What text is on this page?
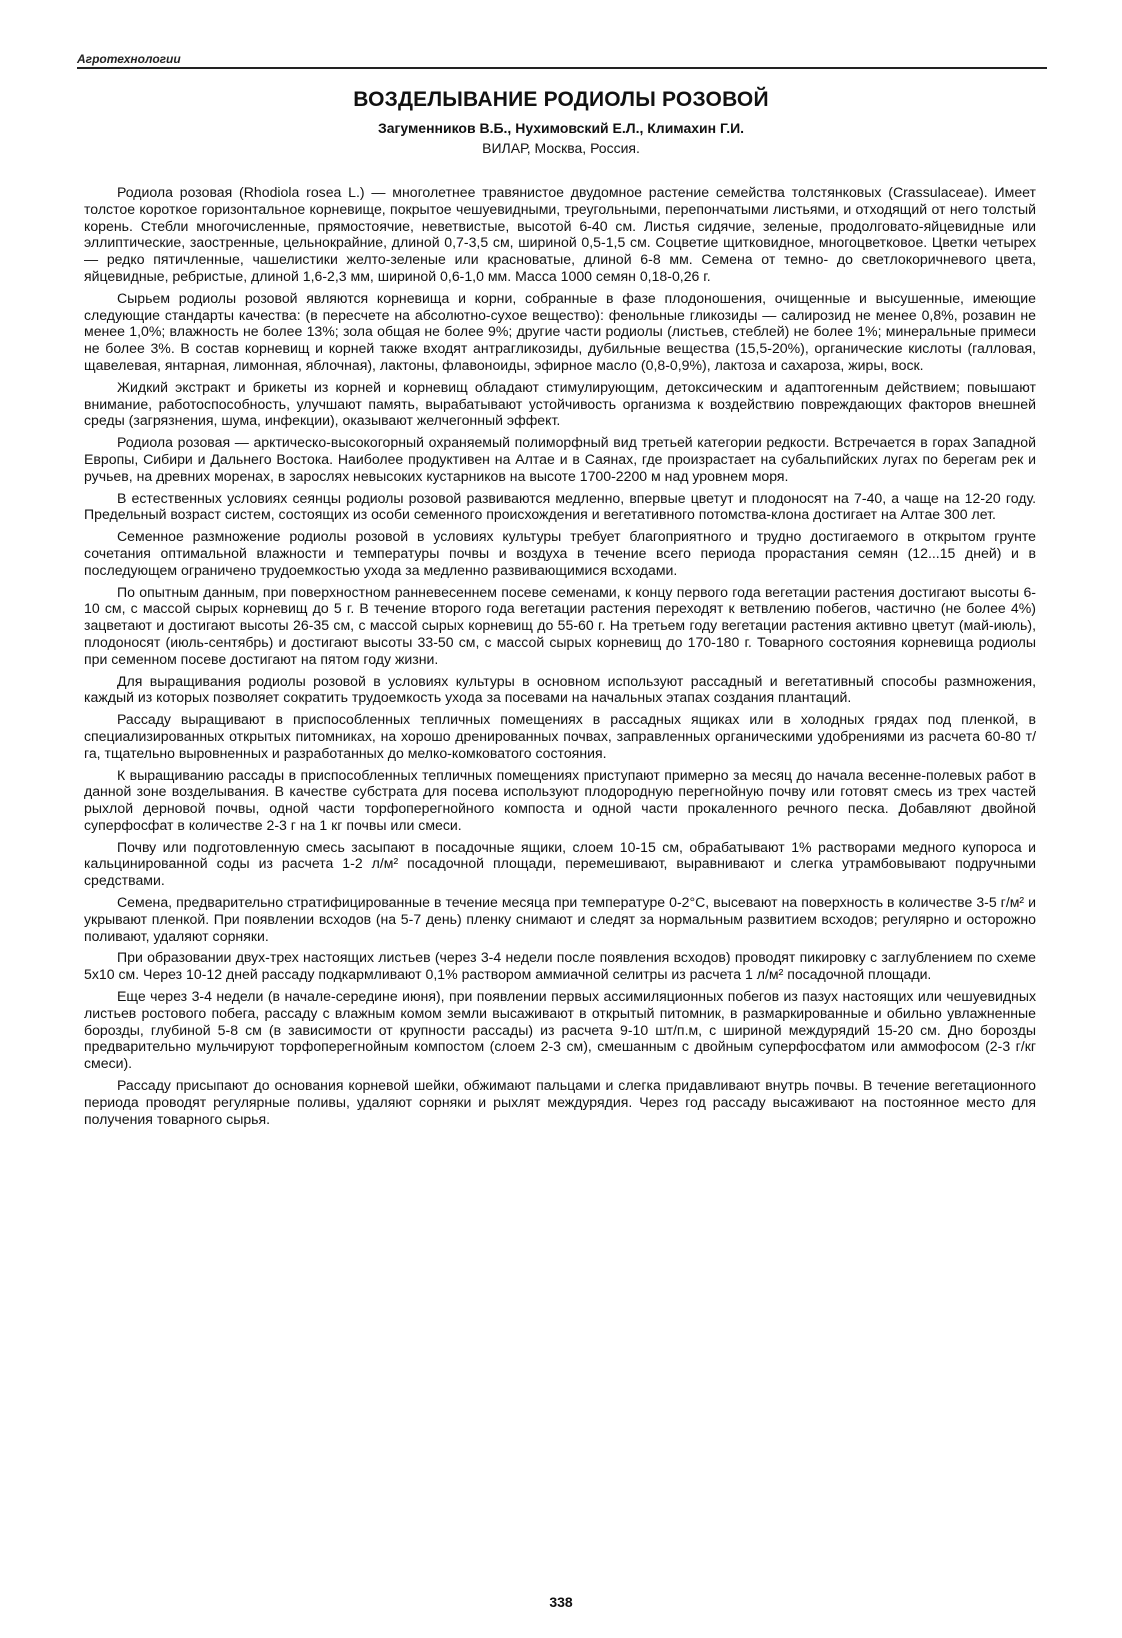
Агротехнологии
ВОЗДЕЛЫВАНИЕ РОДИОЛЫ РОЗОВОЙ
Загуменников В.Б., Нухимовский Е.Л., Климахин Г.И.
ВИЛАР, Москва, Россия.

Родиола розовая (Rhodiola rosea L.) — многолетнее травянистое двудомное растение семейства толстянковых (Crassulaceae). Имеет толстое короткое горизонтальное корневище, покрытое чешуевидными, треугольными, перепончатыми листьями, и отходящий от него толстый корень. Стебли многочисленные, прямостоячие, неветвистые, высотой 6-40 см. Листья сидячие, зеленые, продолговато-яйцевидные или эллиптические, заостренные, цельнокрайние, длиной 0,7-3,5 см, шириной 0,5-1,5 см. Соцветие щитковидное, многоцветковое. Цветки четырех — редко пятичленные, чашелистики желто-зеленые или красноватые, длиной 6-8 мм. Семена от темно- до светлокоричневого цвета, яйцевидные, ребристые, длиной 1,6-2,3 мм, шириной 0,6-1,0 мм. Масса 1000 семян 0,18-0,26 г.

Сырьем родиолы розовой являются корневища и корни, собранные в фазе плодоношения, очищенные и высушенные, имеющие следующие стандарты качества: (в пересчете на абсолютно-сухое вещество): фенольные гликозиды — салирозид не менее 0,8%, розавин не менее 1,0%; влажность не более 13%; зола общая не более 9%; другие части родиолы (листьев, стеблей) не более 1%; минеральные примеси не более 3%. В состав корневищ и корней также входят антрагликозиды, дубильные вещества (15,5-20%), органические кислоты (галловая, щавелевая, янтарная, лимонная, яблочная), лактоны, флавоноиды, эфирное масло (0,8-0,9%), лактоза и сахароза, жиры, воск.

Жидкий экстракт и брикеты из корней и корневищ обладают стимулирующим, детоксическим и адаптогенным действием; повышают внимание, работоспособность, улучшают память, вырабатывают устойчивость организма к воздействию повреждающих факторов внешней среды (загрязнения, шума, инфекции), оказывают желчегонный эффект.

Родиола розовая — арктическо-высокогорный охраняемый полиморфный вид третьей категории редкости. Встречается в горах Западной Европы, Сибири и Дальнего Востока. Наиболее продуктивен на Алтае и в Саянах, где произрастает на субальпийских лугах по берегам рек и ручьев, на древних моренах, в зарослях невысоких кустарников на высоте 1700-2200 м над уровнем моря.

В естественных условиях сеянцы родиолы розовой развиваются медленно, впервые цветут и плодоносят на 7-40, а чаще на 12-20 году. Предельный возраст систем, состоящих из особи семенного происхождения и вегетативного потомства-клона достигает на Алтае 300 лет.

Семенное размножение родиолы розовой в условиях культуры требует благоприятного и трудно достигаемого в открытом грунте сочетания оптимальной влажности и температуры почвы и воздуха в течение всего периода прорастания семян (12...15 дней) и в последующем ограничено трудоемкостью ухода за медленно развивающимися всходами.

По опытным данным, при поверхностном ранневесеннем посеве семенами, к концу первого года вегетации растения достигают высоты 6-10 см, с массой сырых корневищ до 5 г. В течение второго года вегетации растения переходят к ветвлению побегов, частично (не более 4%) зацветают и достигают высоты 26-35 см, с массой сырых корневищ до 55-60 г. На третьем году вегетации растения активно цветут (май-июль), плодоносят (июль-сентябрь) и достигают высоты 33-50 см, с массой сырых корневищ до 170-180 г. Товарного состояния корневища родиолы при семенном посеве достигают на пятом году жизни.

Для выращивания родиолы розовой в условиях культуры в основном используют рассадный и вегетативный способы размножения, каждый из которых позволяет сократить трудоемкость ухода за посевами на начальных этапах создания плантаций.

Рассаду выращивают в приспособленных тепличных помещениях в рассадных ящиках или в холодных грядах под пленкой, в специализированных открытых питомниках, на хорошо дренированных почвах, заправленных органическими удобрениями из расчета 60-80 т/га, тщательно выровненных и разработанных до мелко-комковатого состояния.

К выращиванию рассады в приспособленных тепличных помещениях приступают примерно за месяц до начала весенне-полевых работ в данной зоне возделывания. В качестве субстрата для посева используют плодородную перегнойную почву или готовят смесь из трех частей рыхлой дерновой почвы, одной части торфоперегнойного компоста и одной части прокаленного речного песка. Добавляют двойной суперфосфат в количестве 2-3 г на 1 кг почвы или смеси.

Почву или подготовленную смесь засыпают в посадочные ящики, слоем 10-15 см, обрабатывают 1% растворами медного купороса и кальцинированной соды из расчета 1-2 л/м² посадочной площади, перемешивают, выравнивают и слегка утрамбовывают подручными средствами.

Семена, предварительно стратифицированные в течение месяца при температуре 0-2°С, высевают на поверхность в количестве 3-5 г/м² и укрывают пленкой. При появлении всходов (на 5-7 день) пленку снимают и следят за нормальным развитием всходов; регулярно и осторожно поливают, удаляют сорняки.

При образовании двух-трех настоящих листьев (через 3-4 недели после появления всходов) проводят пикировку с заглублением по схеме 5х10 см. Через 10-12 дней рассаду подкармливают 0,1% раствором аммиачной селитры из расчета 1 л/м² посадочной площади.

Еще через 3-4 недели (в начале-середине июня), при появлении первых ассимиляционных побегов из пазух настоящих или чешуевидных листьев ростового побега, рассаду с влажным комом земли высаживают в открытый питомник, в размаркированные и обильно увлажненные борозды, глубиной 5-8 см (в зависимости от крупности рассады) из расчета 9-10 шт/п.м, с шириной междурядий 15-20 см. Дно борозды предварительно мульчируют торфоперегнойным компостом (слоем 2-3 см), смешанным с двойным суперфосфатом или аммофосом (2-3 г/кг смеси).

Рассаду присыпают до основания корневой шейки, обжимают пальцами и слегка придавливают внутрь почвы. В течение вегетационного периода проводят регулярные поливы, удаляют сорняки и рыхлят междурядия. Через год рассаду высаживают на постоянное место для получения товарного сырья.

338
